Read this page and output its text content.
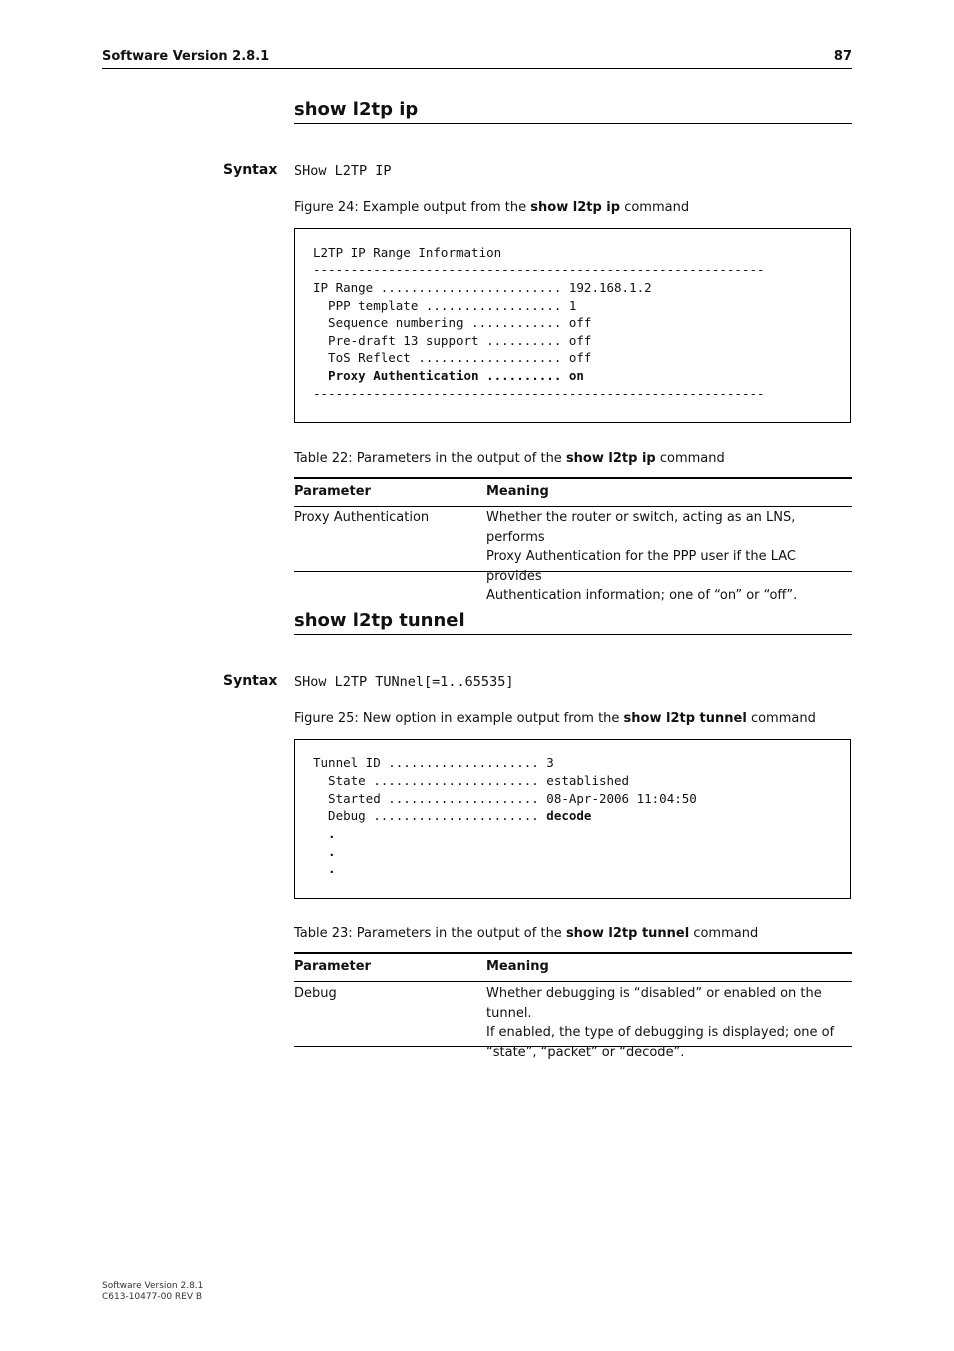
Software Version 2.8.1	87
show l2tp ip
Syntax SHow L2TP IP
Figure 24: Example output from the show l2tp ip command
L2TP IP Range Information
------------------------------------------------------------
IP Range ........................ 192.168.1.2
PPP template .................. 1
Sequence numbering ............ off
Pre-draft 13 support .......... off
ToS Reflect ................... off
Proxy Authentication .......... on
------------------------------------------------------------
Table 22: Parameters in the output of the show l2tp ip command
Parameter	Meaning
Proxy Authentication	Whether the router or switch, acting as an LNS, performs
Proxy Authentication for the PPP user if the LAC provides
Authentication information; one of “on” or “off”.
show l2tp tunnel
Syntax SHow L2TP TUNnel[=1..65535]
Figure 25: New option in example output from the show l2tp tunnel command
Tunnel ID .................... 3
State ...................... established
Started .................... 08-Apr-2006 11:04:50
Debug ...................... decode
.
.
.
Table 23: Parameters in the output of the show l2tp tunnel command
Parameter	Meaning
Debug	Whether debugging is “disabled” or enabled on the tunnel.
If enabled, the type of debugging is displayed; one of
“state”, “packet” or “decode”.
Software Version 2.8.1
C613-10477-00 REV B
